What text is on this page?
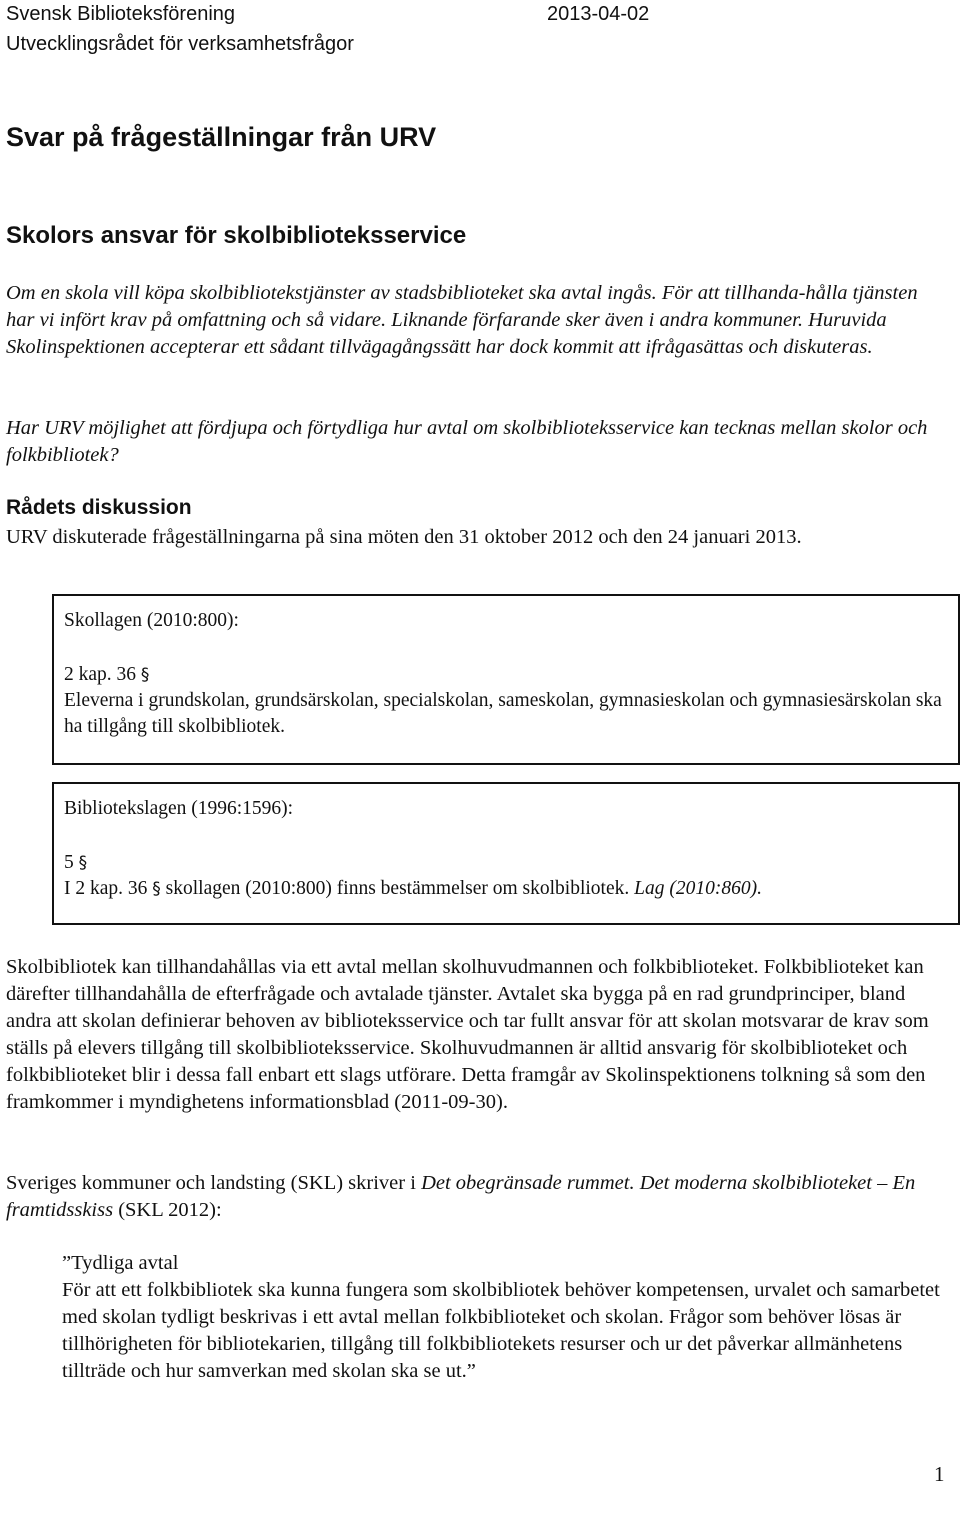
Svensk Biblioteksförening	2013-04-02
Utvecklingsrådet för verksamhetsfrågor
Svar på frågeställningar från URV
Skolors ansvar för skolbiblioteksservice
Om en skola vill köpa skolbibliotekstjänster av stadsbiblioteket ska avtal ingås. För att tillhanda-hålla tjänsten har vi infört krav på omfattning och så vidare. Liknande förfarande sker även i andra kommuner. Huruvida Skolinspektionen accepterar ett sådant tillvägagångssätt har dock kommit att ifrågasättas och diskuteras.
Har URV möjlighet att fördjupa och förtydliga hur avtal om skolbiblioteksservice kan tecknas mellan skolor och folkbibliotek?
Rådets diskussion
URV diskuterade frågeställningarna på sina möten den 31 oktober 2012 och den 24 januari 2013.
Skollagen (2010:800):
2 kap. 36 §
Eleverna i grundskolan, grundsärskolan, specialskolan, sameskolan, gymnasieskolan och gymnasiesärskolan ska ha tillgång till skolbibliotek.
Bibliotekslagen (1996:1596):
5 §
I 2 kap. 36 § skollagen (2010:800) finns bestämmelser om skolbibliotek. Lag (2010:860).
Skolbibliotek kan tillhandahållas via ett avtal mellan skolhuvudmannen och folkbiblioteket. Folkbiblioteket kan därefter tillhandahålla de efterfrågade och avtalade tjänster. Avtalet ska bygga på en rad grundprinciper, bland andra att skolan definierar behoven av biblioteksservice och tar fullt ansvar för att skolan motsvarar de krav som ställs på elevers tillgång till skolbiblioteksservice. Skolhuvudmannen är alltid ansvarig för skolbiblioteket och folkbiblioteket blir i dessa fall enbart ett slags utförare. Detta framgår av Skolinspektionens tolkning så som den framkommer i myndighetens informationsblad (2011-09-30).
Sveriges kommuner och landsting (SKL) skriver i Det obegränsade rummet. Det moderna skolbiblioteket – En framtidsskiss (SKL 2012):

”Tydliga avtal

För att ett folkbibliotek ska kunna fungera som skolbibliotek behöver kompetensen, urvalet och samarbetet med skolan tydligt beskrivas i ett avtal mellan folkbiblioteket och skolan. Frågor som behöver lösas är tillhörigheten för bibliotekarien, tillgång till folkbibliotekets resurser och ur det påverkar allmänhetens tillträde och hur samverkan med skolan ska se ut.”

1
